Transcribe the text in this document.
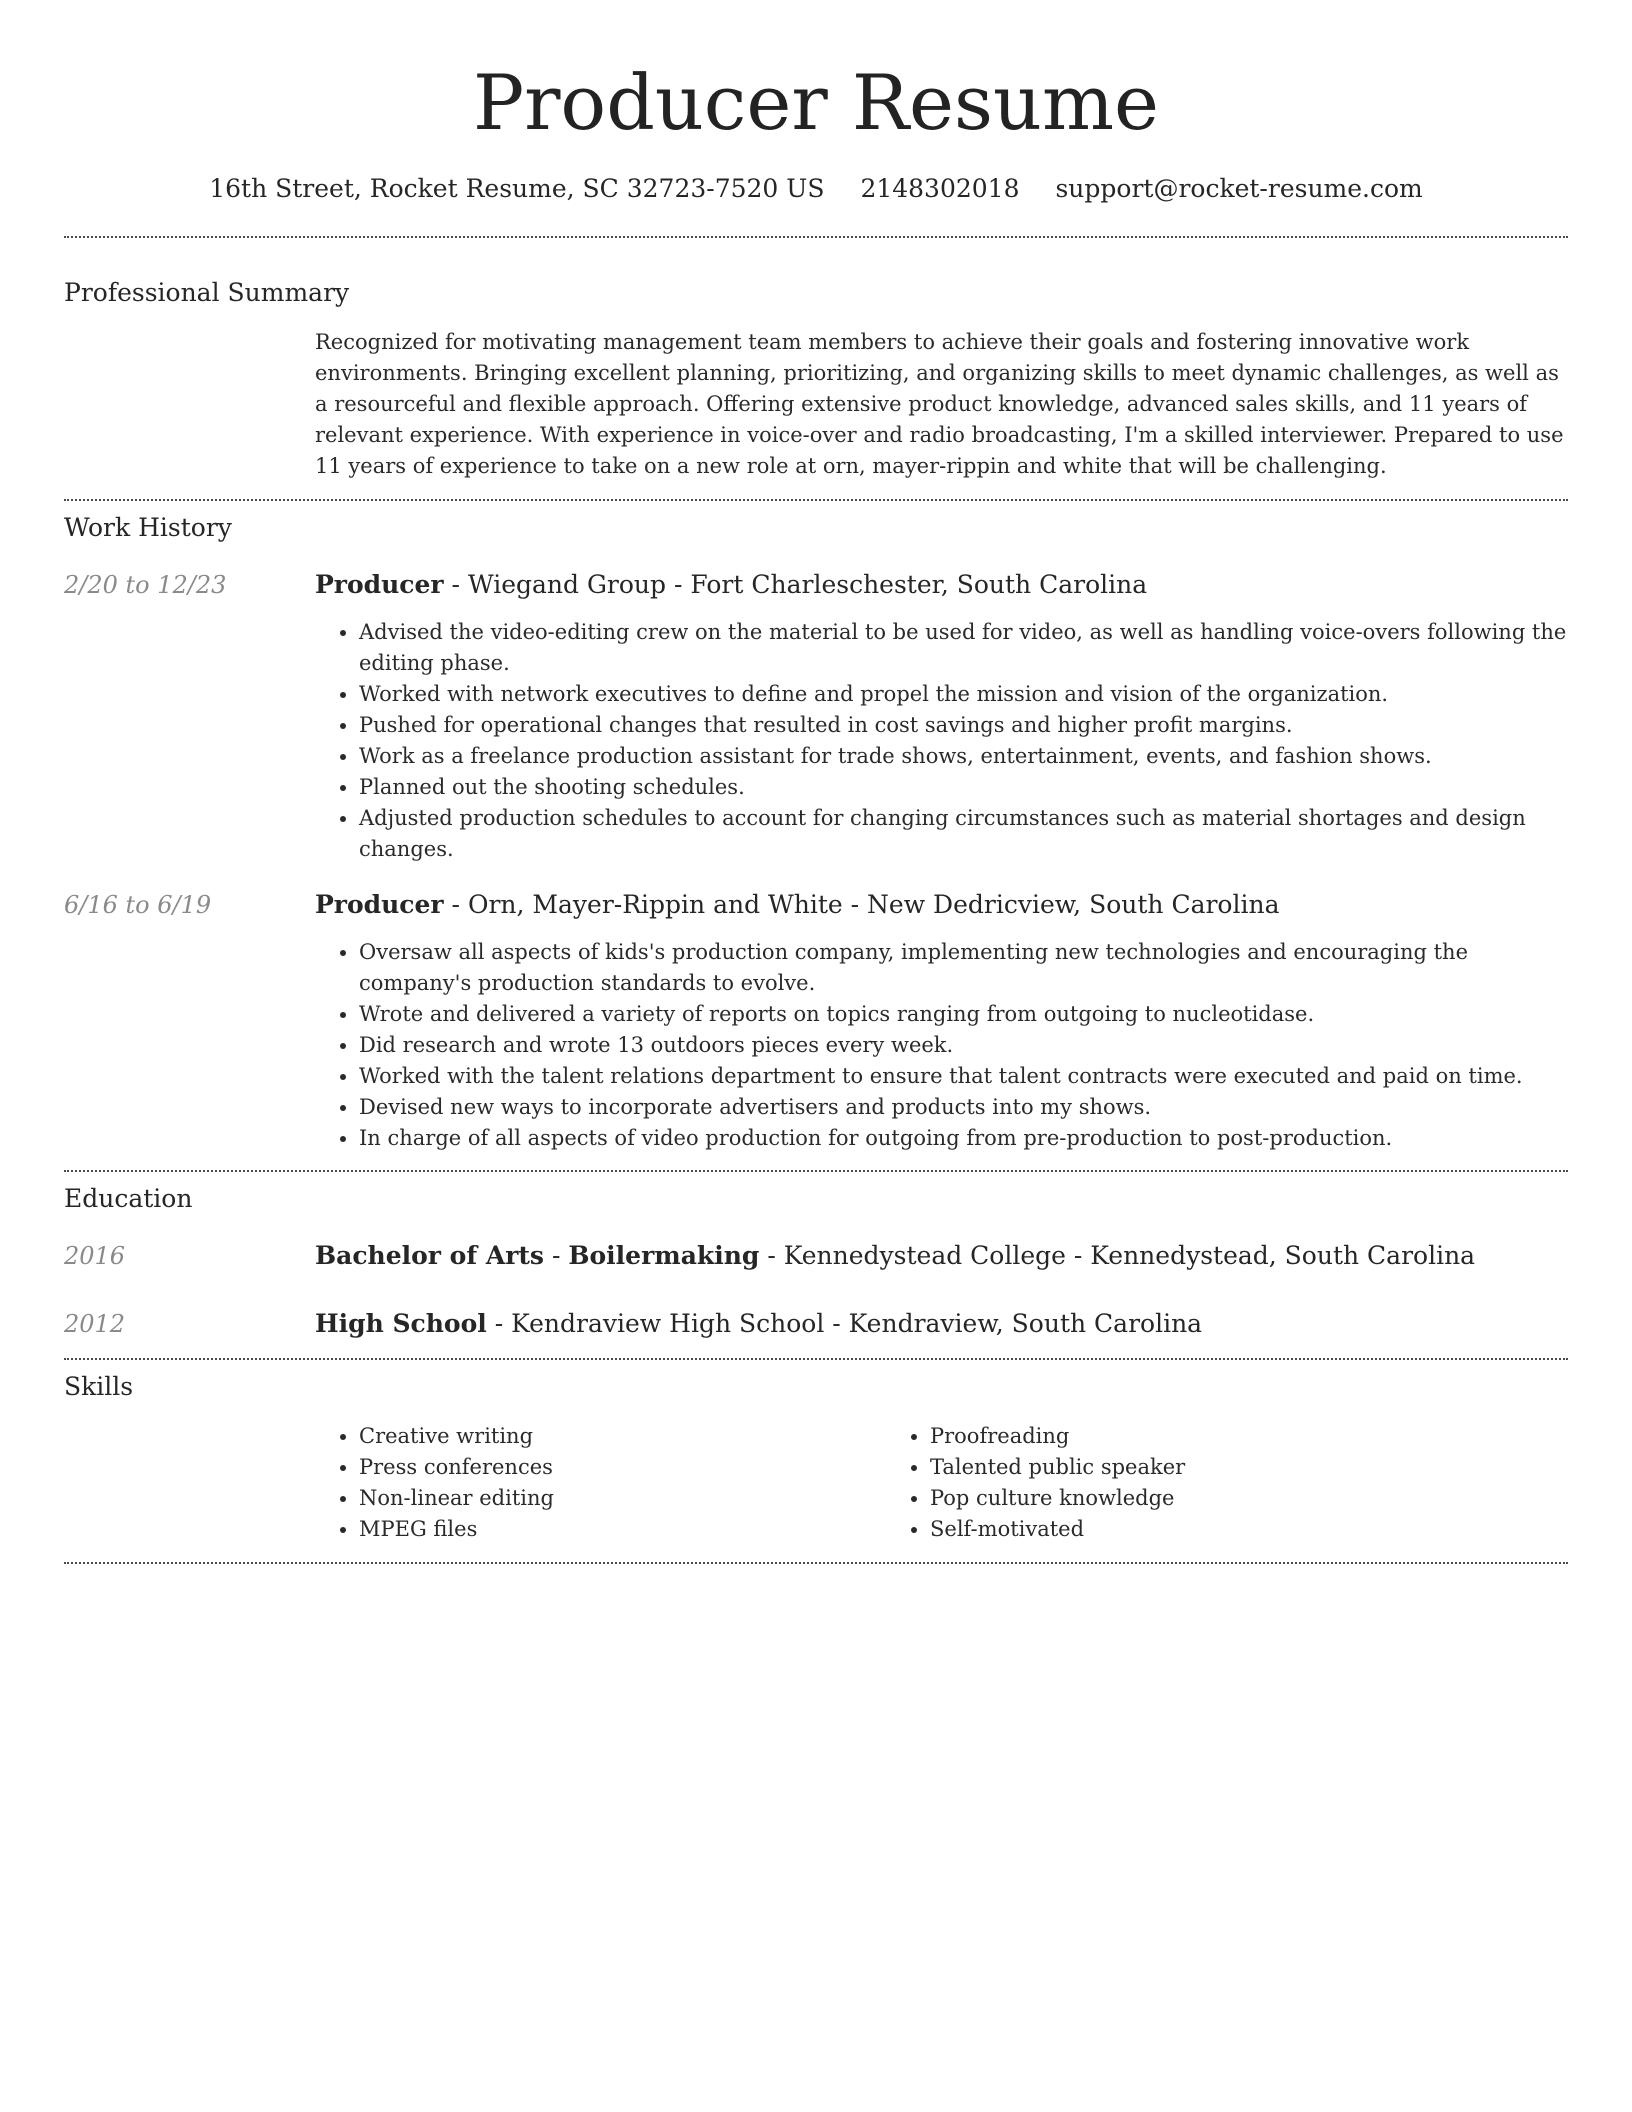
Producer Resume
16th Street, Rocket Resume, SC 32723-7520 US 2148302018 support@rocket-resume.com
Professional Summary
Recognized for motivating management team members to achieve their goals and fostering innovative work environments. Bringing excellent planning, prioritizing, and organizing skills to meet dynamic challenges, as well as a resourceful and flexible approach. Offering extensive product knowledge, advanced sales skills, and 11 years of relevant experience. With experience in voice-over and radio broadcasting, I'm a skilled interviewer. Prepared to use 11 years of experience to take on a new role at orn, mayer-rippin and white that will be challenging.
Work History
2/20 to 12/23	Producer - Wiegand Group - Fort Charleschester, South Carolina
• Advised the video-editing crew on the material to be used for video, as well as handling voice-overs following the editing phase.
• Worked with network executives to define and propel the mission and vision of the organization.
• Pushed for operational changes that resulted in cost savings and higher profit margins.
• Work as a freelance production assistant for trade shows, entertainment, events, and fashion shows.
• Planned out the shooting schedules.
• Adjusted production schedules to account for changing circumstances such as material shortages and design changes.
6/16 to 6/19	Producer - Orn, Mayer-Rippin and White - New Dedricview, South Carolina
• Oversaw all aspects of kids's production company, implementing new technologies and encouraging the company's production standards to evolve.
• Wrote and delivered a variety of reports on topics ranging from outgoing to nucleotidase.
• Did research and wrote 13 outdoors pieces every week.
• Worked with the talent relations department to ensure that talent contracts were executed and paid on time.
• Devised new ways to incorporate advertisers and products into my shows.
• In charge of all aspects of video production for outgoing from pre-production to post-production.
Education
2016	Bachelor of Arts - Boilermaking - Kennedystead College - Kennedystead, South Carolina
2012	High School - Kendraview High School - Kendraview, South Carolina
Skills
• Creative writing
• Press conferences
• Non-linear editing
• MPEG files
• Proofreading
• Talented public speaker
• Pop culture knowledge
• Self-motivated
